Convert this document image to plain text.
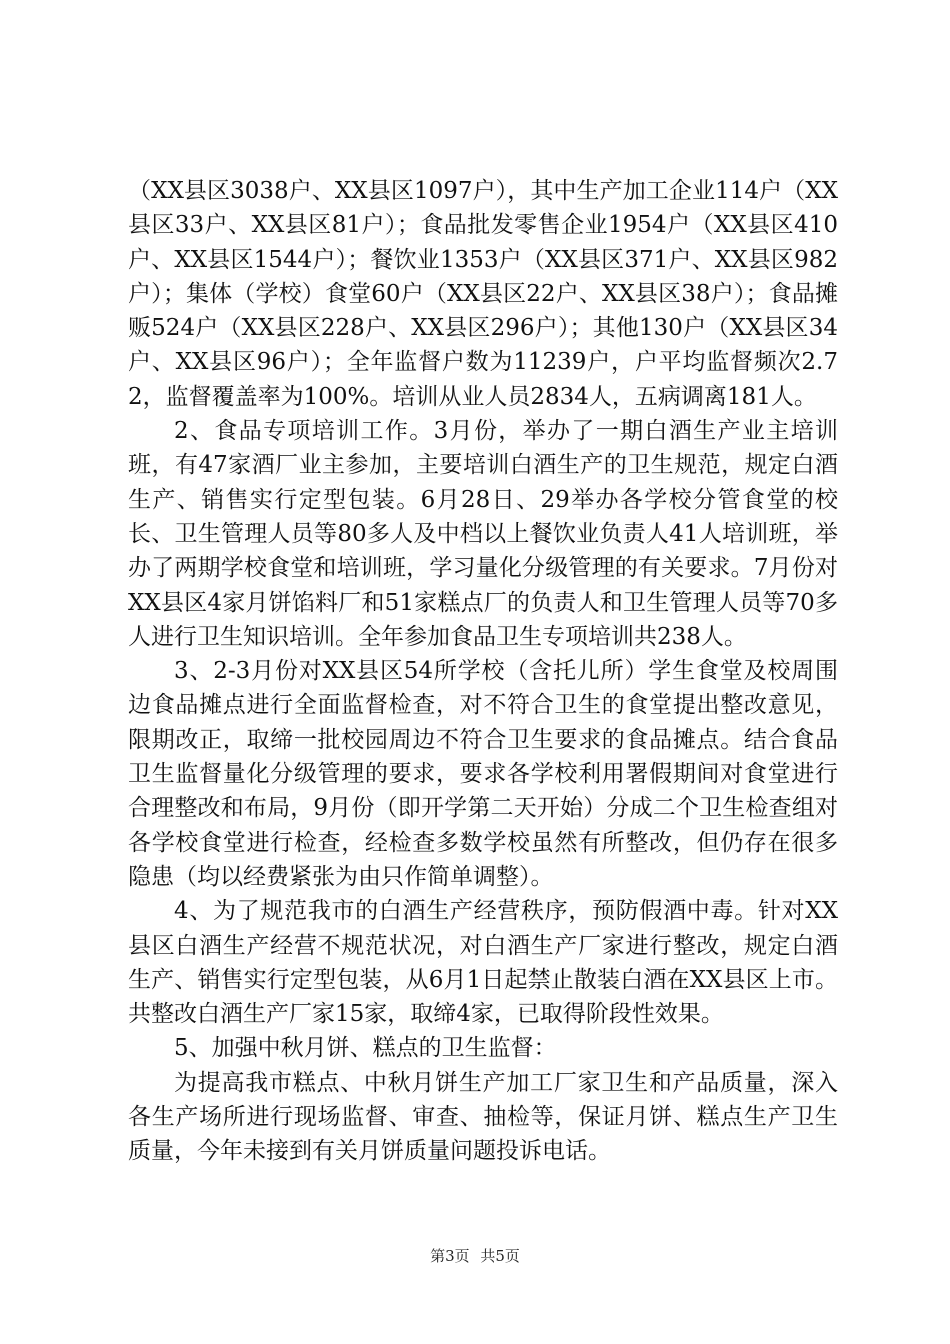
（XX县区3038户、XX县区1097户），其中生产加工企业114户（XX县区33户、XX县区81户）；食品批发零售企业1954户（XX县区410户、XX县区1544户）；餐饮业1353户（XX县区371户、XX县区982户）；集体（学校）食堂60户（XX县区22户、XX县区38户）；食品摊贩524户（XX县区228户、XX县区296户）；其他130户（XX县区34户、XX县区96户）；全年监督户数为11239户，户平均监督频次2.72，监督覆盖率为100%。培训从业人员2834人，五病调离181人。

2、食品专项培训工作。3月份，举办了一期白酒生产业主培训班，有47家酒厂业主参加，主要培训白酒生产的卫生规范，规定白酒生产、销售实行定型包装。6月28日、29举办各学校分管食堂的校长、卫生管理人员等80多人及中档以上餐饮业负责人41人培训班，举办了两期学校食堂和培训班，学习量化分级管理的有关要求。7月份对XX县区4家月饼馅料厂和51家糕点厂的负责人和卫生管理人员等70多人进行卫生知识培训。全年参加食品卫生专项培训共238人。

3、2-3月份对XX县区54所学校（含托儿所）学生食堂及校周围边食品摊点进行全面监督检查，对不符合卫生的食堂提出整改意见，限期改正，取缔一批校园周边不符合卫生要求的食品摊点。结合食品卫生监督量化分级管理的要求，要求各学校利用署假期间对食堂进行合理整改和布局，9月份（即开学第二天开始）分成二个卫生检查组对各学校食堂进行检查，经检查多数学校虽然有所整改，但仍存在很多隐患（均以经费紧张为由只作简单调整）。

4、为了规范我市的白酒生产经营秩序，预防假酒中毒。针对XX县区白酒生产经营不规范状况，对白酒生产厂家进行整改，规定白酒生产、销售实行定型包装，从6月1日起禁止散装白酒在XX县区上市。共整改白酒生产厂家15家，取缔4家，已取得阶段性效果。

5、加强中秋月饼、糕点的卫生监督：

为提高我市糕点、中秋月饼生产加工厂家卫生和产品质量，深入各生产场所进行现场监督、审查、抽检等，保证月饼、糕点生产卫生质量，今年未接到有关月饼质量问题投诉电话。

第3页 共5页
